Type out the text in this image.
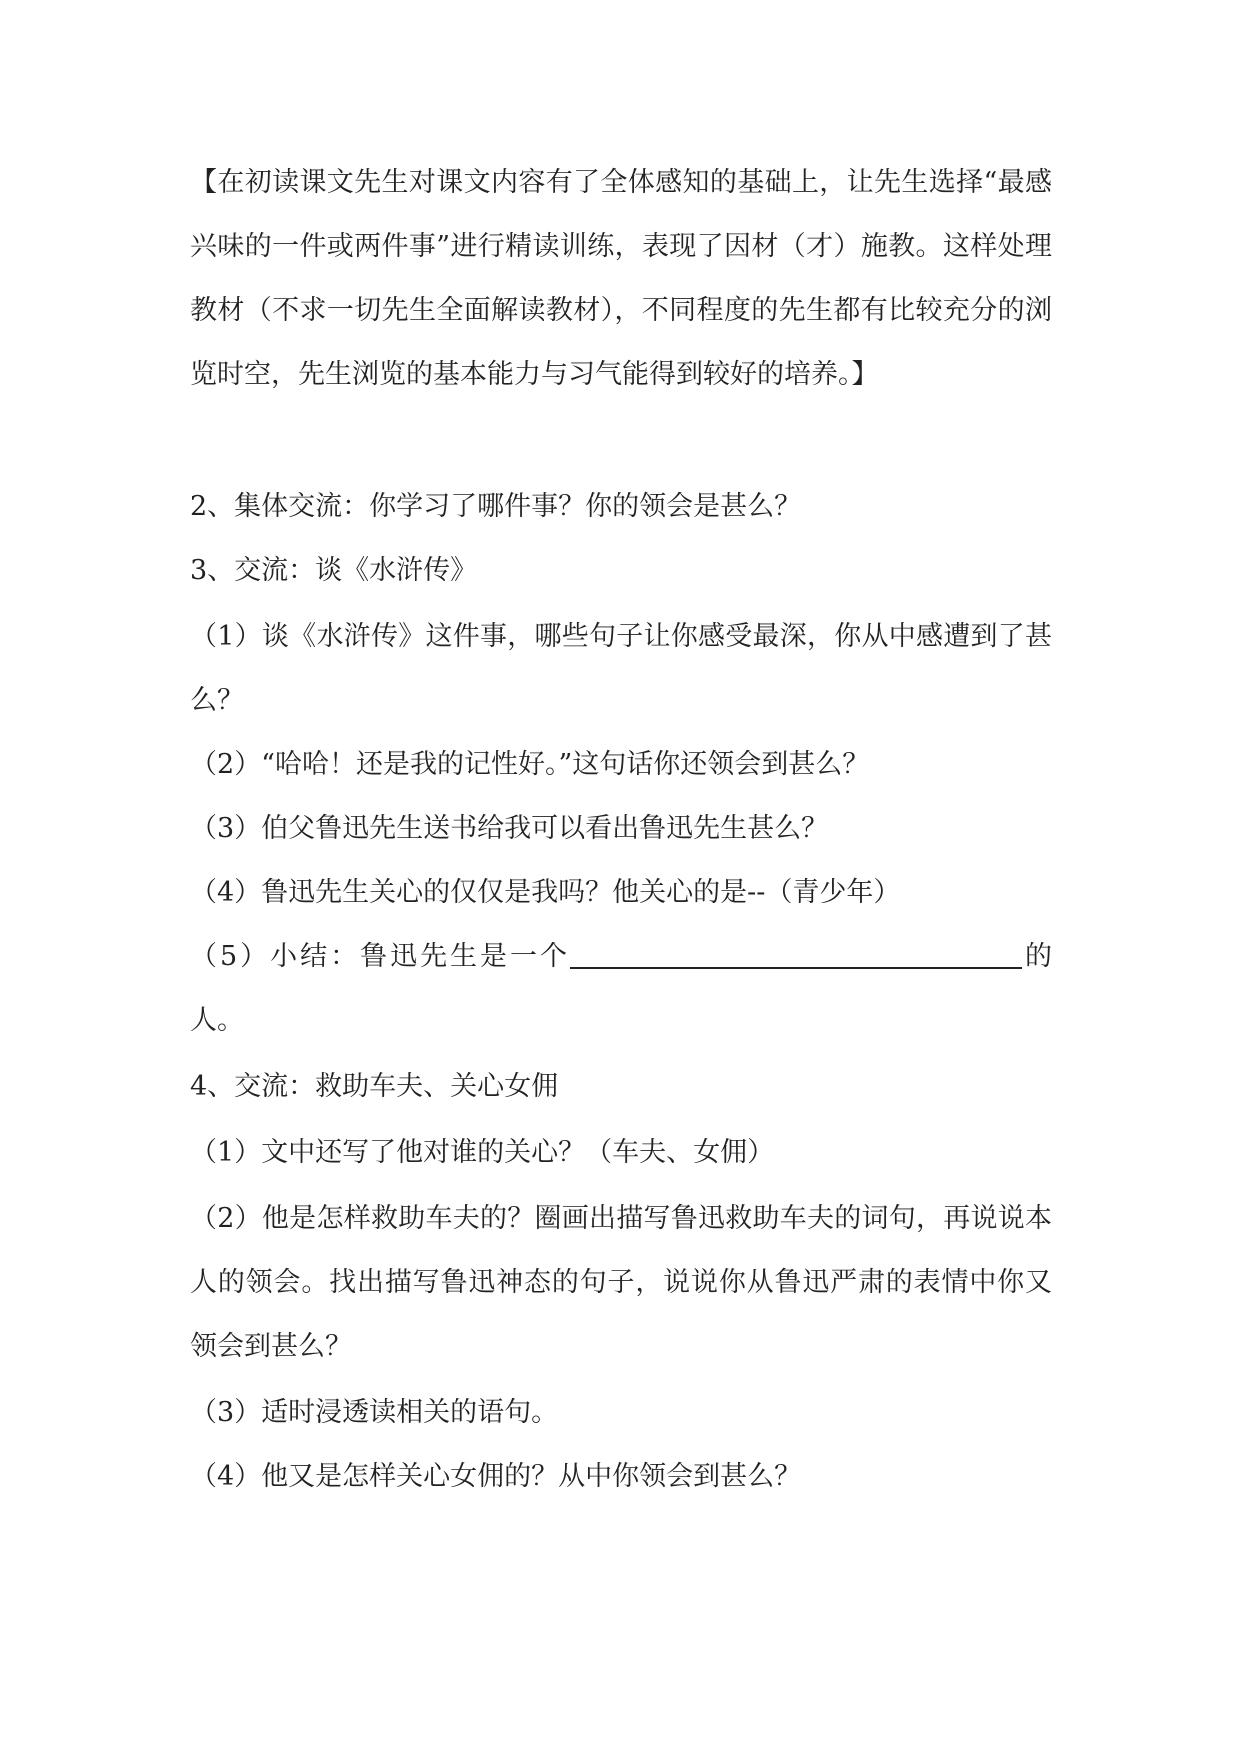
【在初读课文先生对课文内容有了全体感知的基础上，让先生选择“最感兴味的一件或两件事”进行精读训练，表现了因材（才）施教。这样处理教材（不求一切先生全面解读教材），不同程度的先生都有比较充分的浏览时空，先生浏览的基本能力与习气能得到较好的培养。】

2、集体交流：你学习了哪件事？你的领会是甚么？

3、交流：谈《水浒传》

（1）谈《水浒传》这件事，哪些句子让你感受最深，你从中感遭到了甚么？

（2）“哈哈！还是我的记性好。”这句话你还领会到甚么？

（3）伯父鲁迅先生送书给我可以看出鲁迅先生甚么？

（4）鲁迅先生关心的仅仅是我吗？他关心的是--（青少年）

（5）小结：鲁迅先生是一个	的人。

4、交流：救助车夫、关心女佣

（1）文中还写了他对谁的关心？（车夫、女佣）

（2）他是怎样救助车夫的？圈画出描写鲁迅救助车夫的词句，再说说本人的领会。找出描写鲁迅神态的句子，说说你从鲁迅严肃的表情中你又领会到甚么？

（3）适时浸透读相关的语句。

（4）他又是怎样关心女佣的？从中你领会到甚么？
